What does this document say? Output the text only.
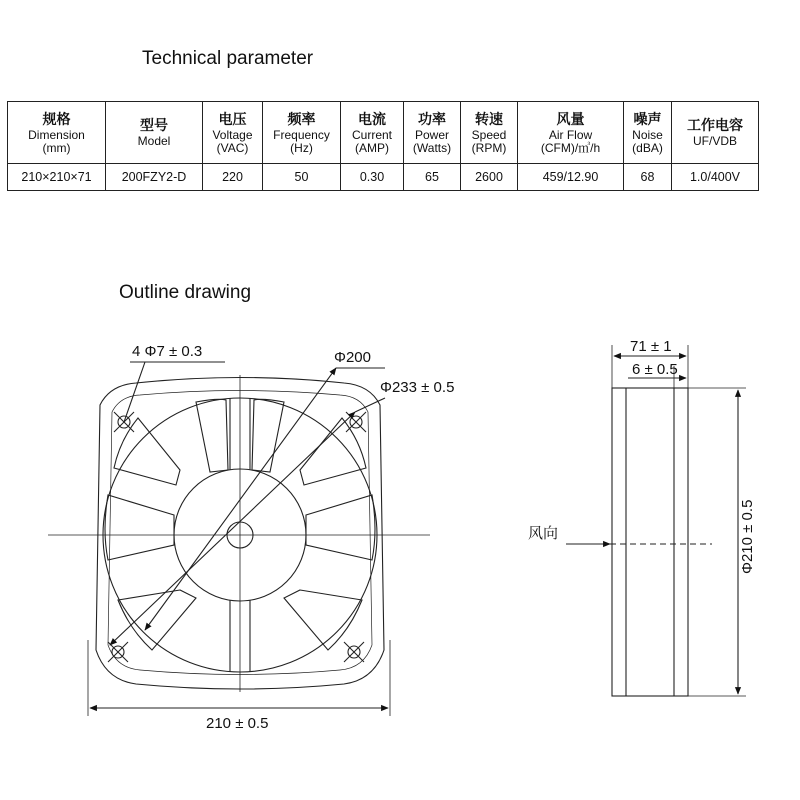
Technical parameter
规格
Dimension
(mm)	型号
Model	电压
Voltage
(VAC)	频率
Frequency
(Hz)	电流
Current
(AMP)	功率
Power
(Watts)	转速
Speed
(RPM)	风量
Air Flow
(CFM)/㎥/h	噪声
Noise
(dBA)	工作电容
UF/VDB

210×210×71	200FZY2-D	220	50	0.30	65	2600	459/12.90	68	1.0/400V
Outline drawing
4 Φ7 ± 0.3	Φ200
Φ233 ± 0.5
210 ± 0.5
71 ± 1
6 ± 0.5
风向	Φ210 ± 0.5
